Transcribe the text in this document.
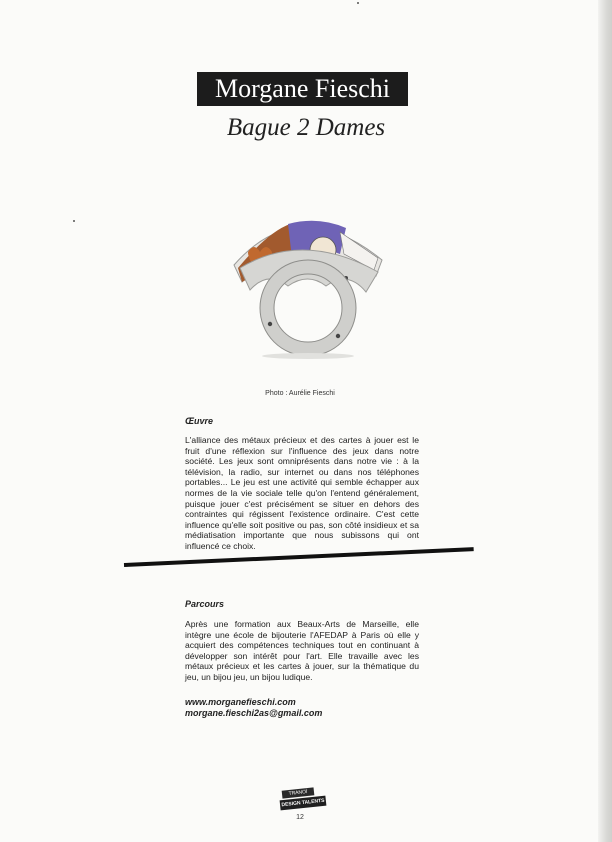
Morgane Fieschi
Bague 2 Dames
Photo : Aurélie Fieschi
Œuvre

L'alliance des métaux précieux et des cartes à jouer est le fruit d'une réflexion sur l'influence des jeux dans notre société. Les jeux sont omniprésents dans notre vie : à la télévision, la radio, sur internet ou dans nos téléphones portables... Le jeu est une activité qui semble échapper aux normes de la vie sociale telle qu'on l'entend généralement, puisque jouer c'est précisément se situer en dehors des contraintes qui régissent l'existence ordinaire. C'est cette influence qu'elle soit positive ou pas, son côté insidieux et sa médiatisation importante que nous subissons qui ont influencé ce choix.

Parcours

Après une formation aux Beaux-Arts de Marseille, elle intègre une école de bijouterie l'AFEDAP à Paris où elle y acquiert des compétences techniques tout en continuant à développer son intérêt pour l'art. Elle travaille avec les métaux précieux et les cartes à jouer, sur la thématique du jeu, un bijou jeu, un bijou ludique.

www.morganefieschi.com
morgane.fieschi2as@gmail.com
TRANOÏ
DESIGN TALENTS
12
